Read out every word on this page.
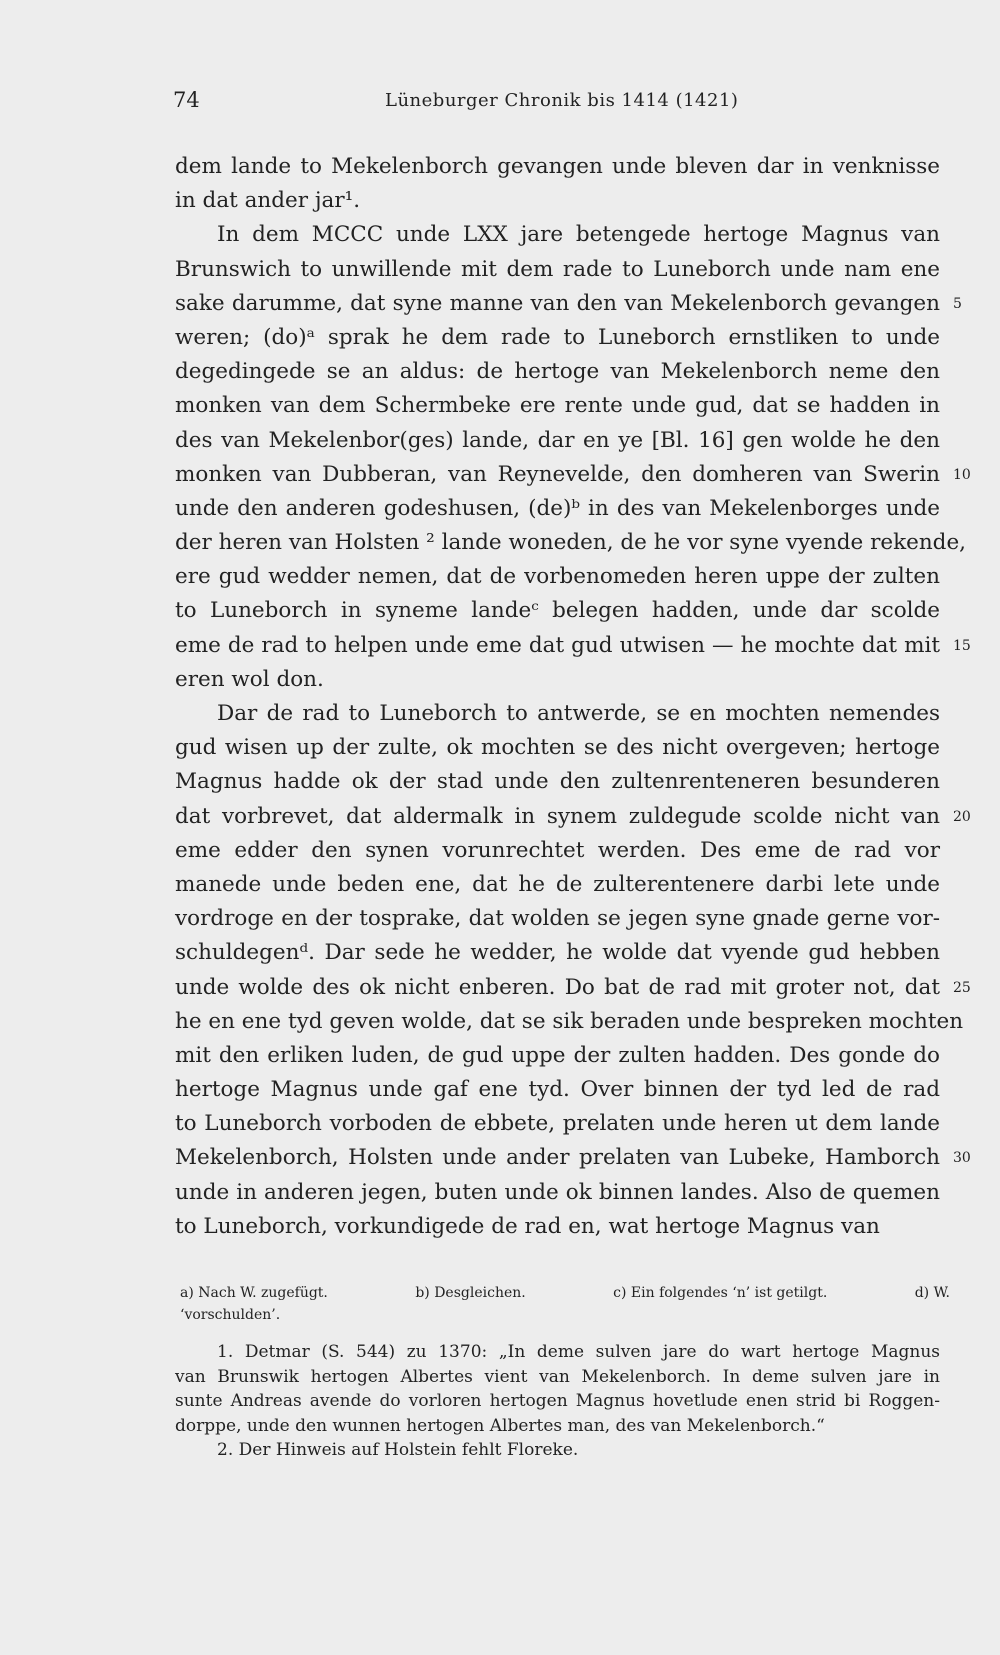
74	Lüneburger Chronik bis 1414 (1421)
dem lande to Mekelenborch gevangen unde bleven dar in venknisse
in dat ander jar¹.
In dem MCCC unde LXX jare betengede hertoge Magnus van
Brunswich to unwillende mit dem rade to Luneborch unde nam ene
sake darumme, dat syne manne van den van Mekelenborch gevangen 5
weren; (do)ᵃ sprak he dem rade to Luneborch ernstliken to unde
degedingede se an aldus: de hertoge van Mekelenborch neme den
monken van dem Schermbeke ere rente unde gud, dat se hadden in
des van Mekelenbor(ges) lande, dar en ye [Bl. 16] gen wolde he den
monken van Dubberan, van Reynevelde, den domheren van Swerin 10
unde den anderen godeshusen, (de)ᵇ in des van Mekelenborges unde
der heren van Holsten ² lande woneden, de he vor syne vyende rekende,
ere gud wedder nemen, dat de vorbenomeden heren uppe der zulten
to Luneborch in syneme landeᶜ belegen hadden, unde dar scolde
eme de rad to helpen unde eme dat gud utwisen — he mochte dat mit 15
eren wol don.
Dar de rad to Luneborch to antwerde, se en mochten nemendes
gud wisen up der zulte, ok mochten se des nicht overgeven; hertoge
Magnus hadde ok der stad unde den zultenrenteneren besunderen
dat vorbrevet, dat aldermalk in synem zuldegude scolde nicht van 20
eme edder den synen vorunrechtet werden. Des eme de rad vor
manede unde beden ene, dat he de zulterentenere darbi lete unde
vordroge en der tosprake, dat wolden se jegen syne gnade gerne vor-
schuldegenᵈ. Dar sede he wedder, he wolde dat vyende gud hebben
unde wolde des ok nicht enberen. Do bat de rad mit groter not, dat 25
he en ene tyd geven wolde, dat se sik beraden unde bespreken mochten
mit den erliken luden, de gud uppe der zulten hadden. Des gonde do
hertoge Magnus unde gaf ene tyd. Over binnen der tyd led de rad
to Luneborch vorboden de ebbete, prelaten unde heren ut dem lande
Mekelenborch, Holsten unde ander prelaten van Lubeke, Hamborch 30
unde in anderen jegen, buten unde ok binnen landes. Also de quemen
to Luneborch, vorkundigede de rad en, wat hertoge Magnus van
a) Nach W. zugefügt.	b) Desgleichen.	c) Ein folgendes ‘n’ ist getilgt.	d) W.
‘vorschulden’.
1. Detmar (S. 544) zu 1370: „In deme sulven jare do wart hertoge Magnus
van Brunswik hertogen Albertes vient van Mekelenborch. In deme sulven jare in
sunte Andreas avende do vorloren hertogen Magnus hovetlude enen strid bi Roggen-
dorppe, unde den wunnen hertogen Albertes man, des van Mekelenborch.“
2. Der Hinweis auf Holstein fehlt Floreke.
